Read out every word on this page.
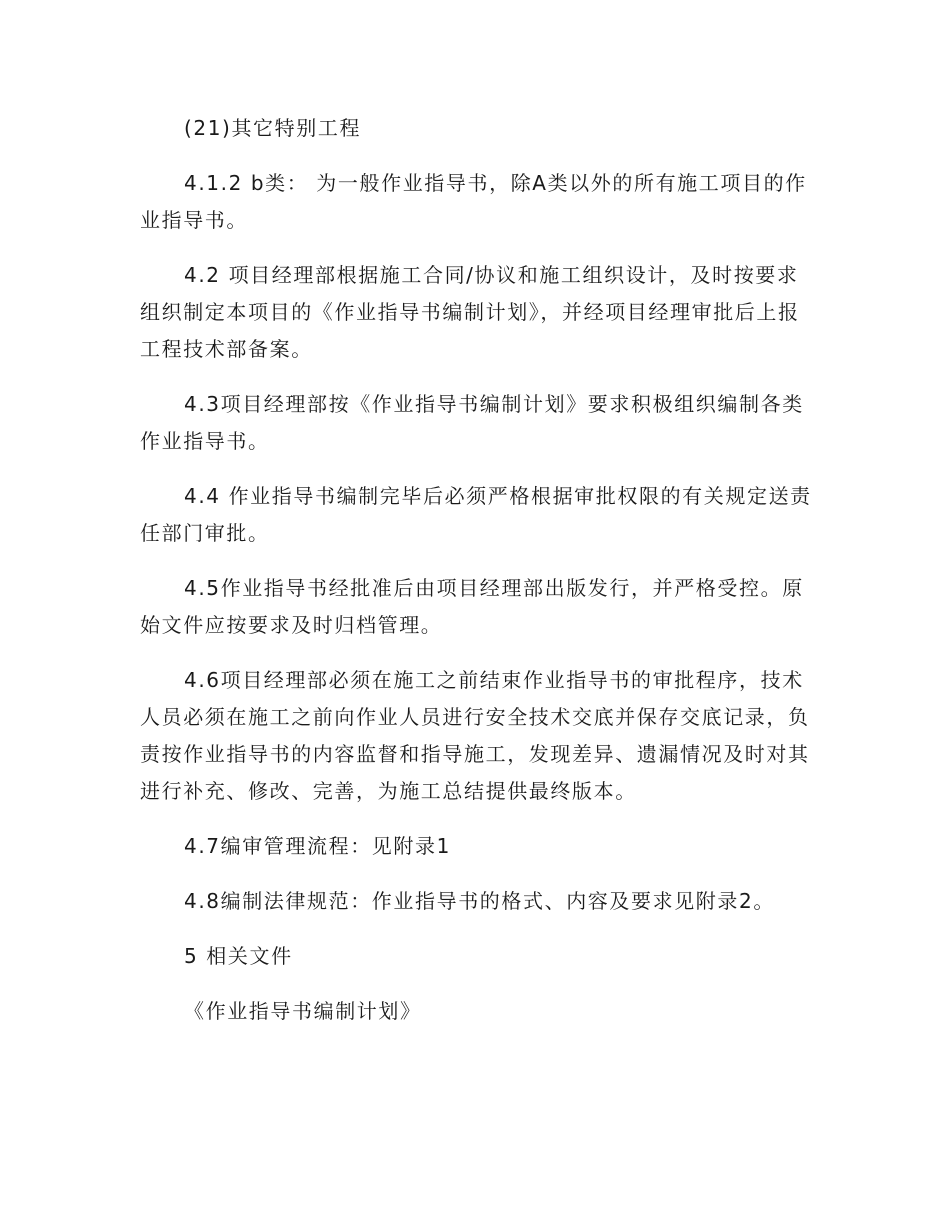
(21)其它特别工程

4.1.2 b类： 为一般作业指导书，除A类以外的所有施工项目的作业指导书。

4.2 项目经理部根据施工合同/协议和施工组织设计，及时按要求组织制定本项目的《作业指导书编制计划》，并经项目经理审批后上报工程技术部备案。

4.3项目经理部按《作业指导书编制计划》要求积极组织编制各类作业指导书。

4.4 作业指导书编制完毕后必须严格根据审批权限的有关规定送责任部门审批。

4.5作业指导书经批准后由项目经理部出版发行，并严格受控。原始文件应按要求及时归档管理。

4.6项目经理部必须在施工之前结束作业指导书的审批程序，技术人员必须在施工之前向作业人员进行安全技术交底并保存交底记录，负责按作业指导书的内容监督和指导施工，发现差异、遗漏情况及时对其进行补充、修改、完善，为施工总结提供最终版本。

4.7编审管理流程：见附录1

4.8编制法律规范：作业指导书的格式、内容及要求见附录2。

5 相关文件

《作业指导书编制计划》
